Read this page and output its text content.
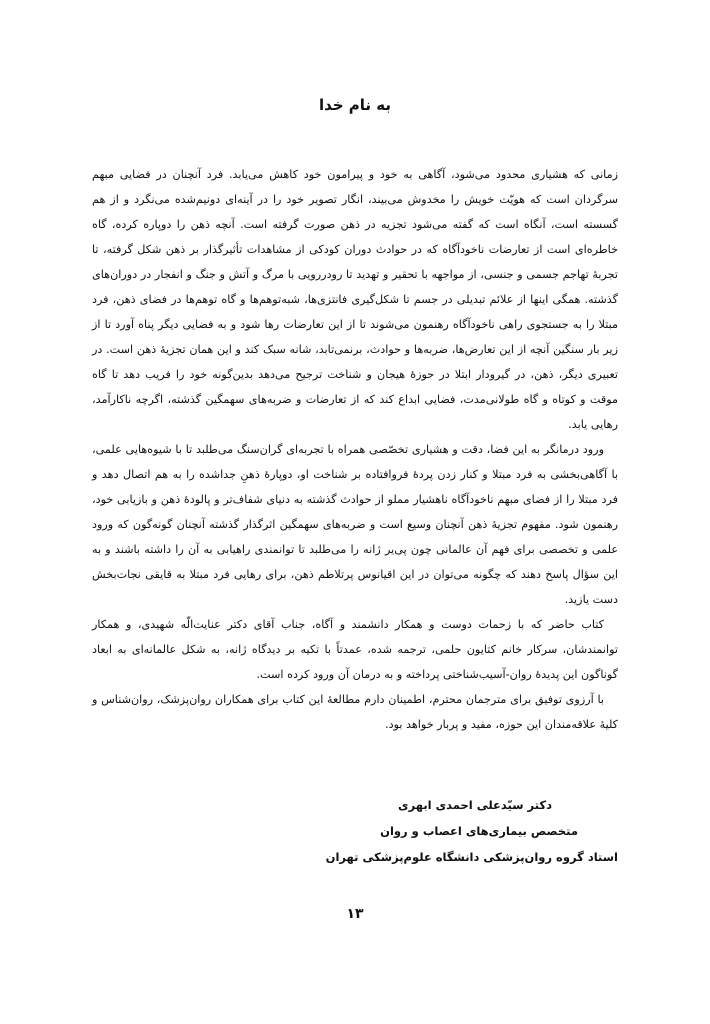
به نام خدا

زمانی که هشیاری محدود می‌شود، آگاهی به خود و پیرامون خود کاهش می‌یابد. فرد آنچنان در فضایی مبهم سرگردان است که هویّت خویش را مخدوش می‌بیند، انگار تصویر خود را در آینه‌ای دونیم‌شده می‌نگرد و از هم گسسته است، آنگاه است که گفته می‌شود تجزیه در ذهن صورت گرفته است. آنچه ذهن را دوپاره کرده، گاه خاطره‌ای است از تعارضات ناخودآگاه که در حوادث دوران کودکی از مشاهدات تأثیرگذار بر ذهن شکل گرفته، تا تجربهٔ تهاجم جسمی و جنسی، از مواجهه با تحقیر و تهدید تا رودررویی با مرگ و آتش و جنگ و انفجار در دوران‌های گذشته. همگی اینها از علائم تبدیلی در جسم تا شکل‌گیری فانتزی‌ها، شبه‌توهم‌ها و گاه توهم‌ها در فضای ذهن، فرد مبتلا را به جستجوی راهی ناخودآگاه رهنمون می‌شوند تا از این تعارضات رها شود و به فضایی دیگر پناه آورد تا از زیر بار سنگین آنچه از این تعارض‌ها، ضربه‌ها و حوادث، برنمی‌تابد، شانه سبک کند و این همان تجزیهٔ ذهن است. در تعبیری دیگر، ذهن، در گیرودار ابتلا در حوزهٔ هیجان و شناخت ترجیح می‌دهد بدین‌گونه خود را فریب دهد تا گاه موقت و کوتاه و گاه طولانی‌مدت، فضایی ابداع کند که از تعارضات و ضربه‌های سهمگین گذشته، اگرچه ناکارآمد، رهایی یابد.

ورود درمانگر به این فضا، دقت و هشیاری تخصّصی همراه با تجربه‌ای گران‌سنگ می‌طلبد تا با شیوه‌هایی علمی، با آگاهی‌بخشی به فرد مبتلا و کنار زدن پردهٔ فروافتاده بر شناخت او، دوپارهٔ ذهنِ جداشده را به هم اتصال دهد و فرد مبتلا را از فضای مبهم ناخودآگاه ناهشیار مملو از حوادث گذشته به دنیای شفاف‌تر و پالودهٔ ذهن و بازیابی خود، رهنمون شود. مفهوم تجزیهٔ ذهن آنچنان وسیع است و ضربه‌های سهمگین اثرگذار گذشته آنچنان گونه‌گون که ورود علمی و تخصصی برای فهم آن عالمانی چون پی‌یر ژانه را می‌طلبد تا توانمندی راهیابی به آن را داشته باشند و به این سؤال پاسخ دهند که چگونه می‌توان در این اقیانوس پرتلاطم ذهن، برای رهایی فرد مبتلا به قایقی نجات‌بخش دست یازید.

کتاب حاضر که با زحمات دوست و همکار دانشمند و آگاه، جناب آقای دکتر عنایت‌الّه شهیدی، و همکار توانمندشان، سرکار خانم کتایون حلمی، ترجمه شده، عمدتاً با تکیه بر دیدگاه ژانه، به شکل عالمانه‌ای به ابعاد گوناگون این پدیدهٔ روان-آسیب‌شناختی پرداخته و به درمان آن ورود کرده است.

با آرزوی توفیق برای مترجمان محترم، اطمینان دارم مطالعهٔ این کتاب برای همکاران روان‌پزشک، روان‌شناس و کلیهٔ علاقه‌مندان این حوزه، مفید و پربار خواهد بود.

دکتر سیّدعلی احمدی ابهری
متخصص بیماری‌های اعصاب و روان
استاد گروه روان‌پزشکی دانشگاه علوم‌پزشکی تهران
۱۳
